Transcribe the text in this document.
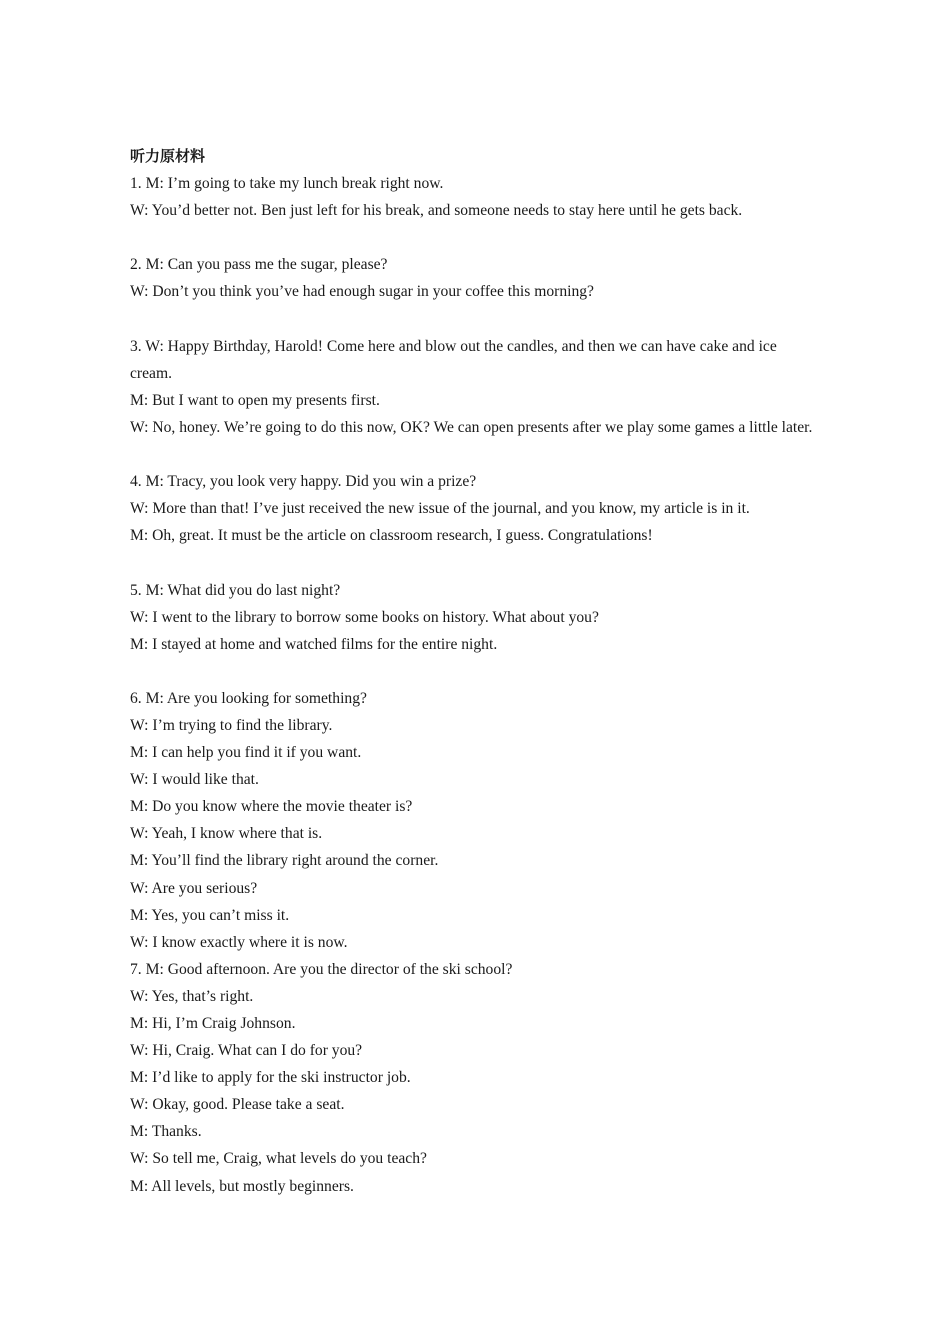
听力原材料

1. M: I’m going to take my lunch break right now.

W: You’d better not. Ben just left for his break, and someone needs to stay here until he gets back.

2. M: Can you pass me the sugar, please?

W: Don’t you think you’ve had enough sugar in your coffee this morning?

3. W: Happy Birthday, Harold! Come here and blow out the candles, and then we can have cake and ice cream.

M: But I want to open my presents first.

W: No, honey. We’re going to do this now, OK? We can open presents after we play some games a little later.

4. M: Tracy, you look very happy. Did you win a prize?

W: More than that! I’ve just received the new issue of the journal, and you know, my article is in it.

M: Oh, great. It must be the article on classroom research, I guess. Congratulations!

5. M: What did you do last night?

W: I went to the library to borrow some books on history. What about you?

M: I stayed at home and watched films for the entire night.

6. M: Are you looking for something?

W: I’m trying to find the library.

M: I can help you find it if you want.

W: I would like that.

M: Do you know where the movie theater is?

W: Yeah, I know where that is.

M: You’ll find the library right around the corner.

W: Are you serious?

M: Yes, you can’t miss it.

W: I know exactly where it is now.

7. M: Good afternoon. Are you the director of the ski school?

W: Yes, that’s right.

M: Hi, I’m Craig Johnson.

W: Hi, Craig. What can I do for you?

M: I’d like to apply for the ski instructor job.

W: Okay, good. Please take a seat.

M: Thanks.

W: So tell me, Craig, what levels do you teach?

M: All levels, but mostly beginners.
